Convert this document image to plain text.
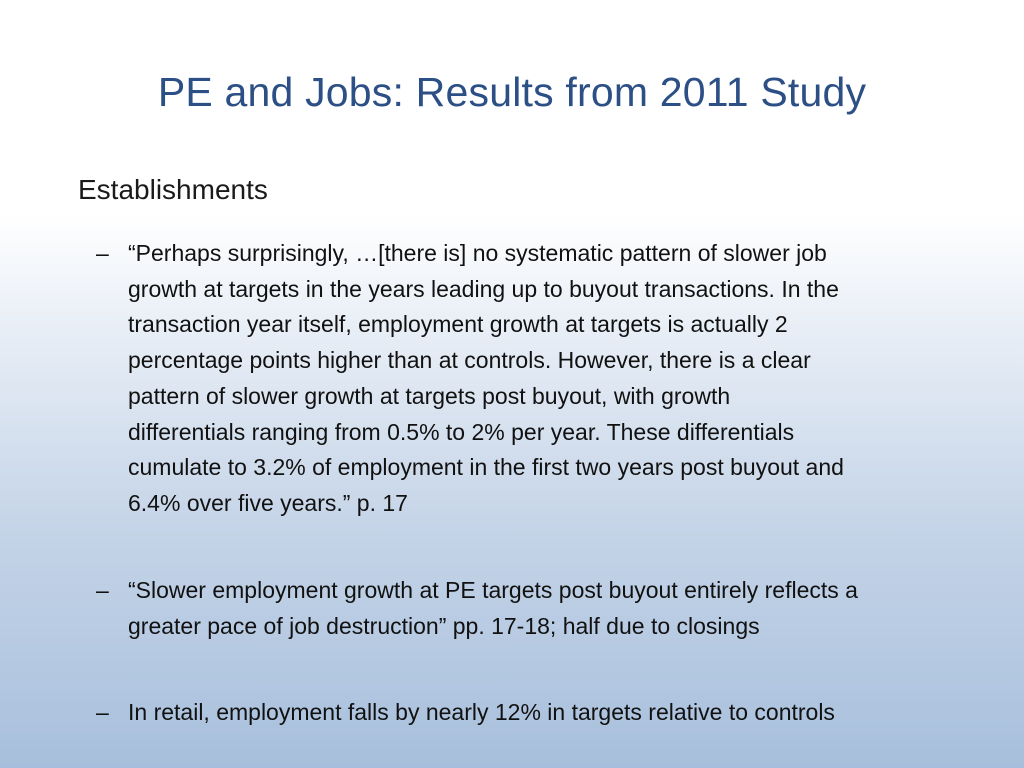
PE and Jobs: Results from 2011 Study
Establishments
– “Perhaps surprisingly, …[there is] no systematic pattern of slower job
growth at targets in the years leading up to buyout transactions. In the
transaction year itself, employment growth at targets is actually 2
percentage points higher than at controls. However, there is a clear
pattern of slower growth at targets post buyout, with growth
differentials ranging from 0.5% to 2% per year. These differentials
cumulate to 3.2% of employment in the first two years post buyout and
6.4% over five years.” p. 17
– “Slower employment growth at PE targets post buyout entirely reflects a
greater pace of job destruction” pp. 17-18; half due to closings
– In retail, employment falls by nearly 12% in targets relative to controls
